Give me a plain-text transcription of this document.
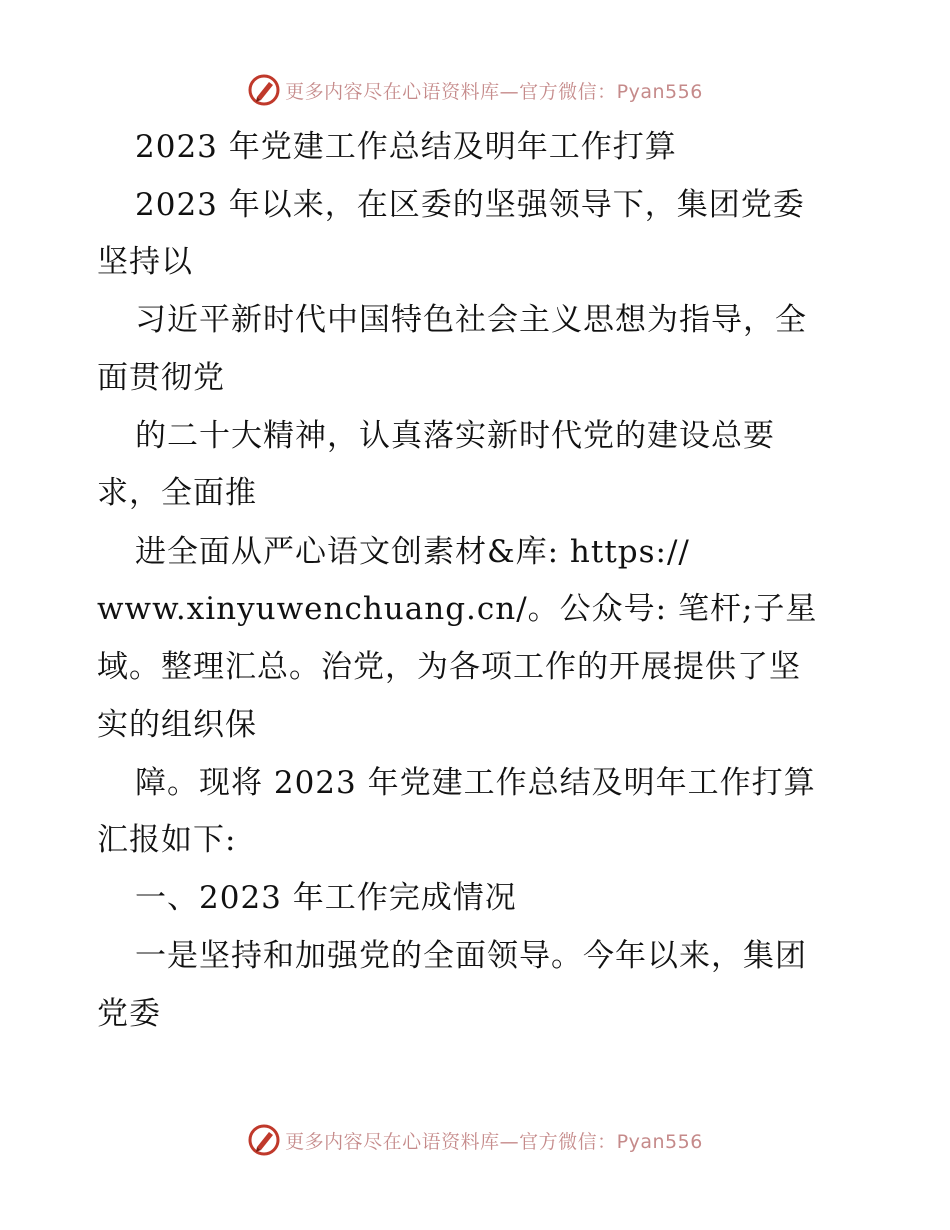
更多内容尽在心语资料库—官方微信：Pyan556
2023 年党建工作总结及明年工作打算
2023 年以来，在区委的坚强领导下，集团党委
坚持以
习近平新时代中国特色社会主义思想为指导，全
面贯彻党
的二十大精神，认真落实新时代党的建设总要
求，全面推
进全面从严心语文创素材&库: https://
www.xinyuwenchuang.cn/。公众号: 笔杆;子星
域。整理汇总。治党，为各项工作的开展提供了坚
实的组织保
障。现将 2023 年党建工作总结及明年工作打算
汇报如下:
一、2023 年工作完成情况
一是坚持和加强党的全面领导。今年以来，集团
党委
更多内容尽在心语资料库—官方微信：Pyan556
